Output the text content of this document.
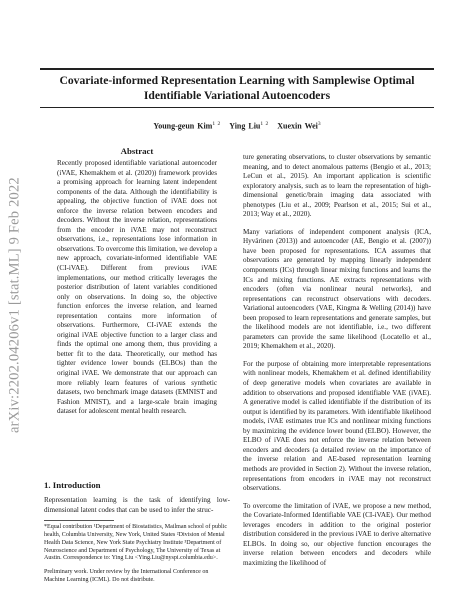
arXiv:2202.04206v1 [stat.ML] 9 Feb 2022
Covariate-informed Representation Learning with Samplewise Optimal
Identifiable Variational Autoencoders
Young-geun Kim$^{1 2}$ Ying Liu$^{1 2}$ Xuexin Wei$^3$
Abstract

Recently proposed identifiable variational autoencoder (iVAE, Khemakhem et al. (2020)) framework provides a promising approach for learning latent independent components of the data. Although the identifiability is appealing, the objective function of iVAE does not enforce the inverse relation between encoders and decoders. Without the inverse relation, representations from the encoder in iVAE may not reconstruct observations, i.e., representations lose information in observations. To overcome this limitation, we develop a new approach, covariate-informed identifiable VAE (CI-iVAE). Different from previous iVAE implementations, our method critically leverages the posterior distribution of latent variables conditioned only on observations. In doing so, the objective function enforces the inverse relation, and learned representation contains more information of observations. Furthermore, CI-iVAE extends the original iVAE objective function to a larger class and finds the optimal one among them, thus providing a better fit to the data. Theoretically, our method has tighter evidence lower bounds (ELBOs) than the original iVAE. We demonstrate that our approach can more reliably learn features of various synthetic datasets, two benchmark image datasets (EMNIST and Fashion MNIST), and a large-scale brain imaging dataset for adolescent mental health research.

1. Introduction

Representation learning is the task of identifying low-dimensional latent codes that can be used to infer the struc-

*Equal contribution ¹Department of Biostatistics, Mailman school of public health, Columbia University, New York, United States ²Division of Mental Health Data Science, New York State Psychiatry Institute ³Department of Neuroscience and Department of Psychology, The University of Texas at Austin. Correspondence to: Ying Liu <Ying.Liu@nyspi.columbia.edu>.

Preliminary work. Under review by the International Conference on Machine Learning (ICML). Do not distribute.

ture generating observations, to cluster observations by semantic meaning, and to detect anomalous patterns (Bengio et al., 2013; LeCun et al., 2015). An important application is scientific exploratory analysis, such as to learn the representation of high-dimensional genetic/brain imaging data associated with phenotypes (Liu et al., 2009; Pearlson et al., 2015; Sui et al., 2013; Way et al., 2020).

Many variations of independent component analysis (ICA, Hyvärinen (2013)) and autoencoder (AE, Bengio et al. (2007)) have been proposed for representations. ICA assumes that observations are generated by mapping linearly independent components (ICs) through linear mixing functions and learns the ICs and mixing functions. AE extracts representations with encoders (often via nonlinear neural networks), and representations can reconstruct observations with decoders. Variational autoencoders (VAE, Kingma & Welling (2014)) have been proposed to learn representations and generate samples, but the likelihood models are not identifiable, i.e., two different parameters can provide the same likelihood (Locatello et al., 2019; Khemakhem et al., 2020).

For the purpose of obtaining more interpretable representations with nonlinear models, Khemakhem et al. defined identifiability of deep generative models when covariates are available in addition to observations and proposed identifiable VAE (iVAE). A generative model is called identifiable if the distribution of its output is identified by its parameters. With identifiable likelihood models, iVAE estimates true ICs and nonlinear mixing functions by maximizing the evidence lower bound (ELBO). However, the ELBO of iVAE does not enforce the inverse relation between encoders and decoders (a detailed review on the importance of the inverse relation and AE-based representation learning methods are provided in Section 2). Without the inverse relation, representations from encoders in iVAE may not reconstruct observations.

To overcome the limitation of iVAE, we propose a new method, the Covariate-Informed Identifiable VAE (CI-iVAE). Our method leverages encoders in addition to the original posterior distribution considered in the previous iVAE to derive alternative ELBOs. In doing so, our objective function encourages the inverse relation between encoders and decoders while maximizing the likelihood of
